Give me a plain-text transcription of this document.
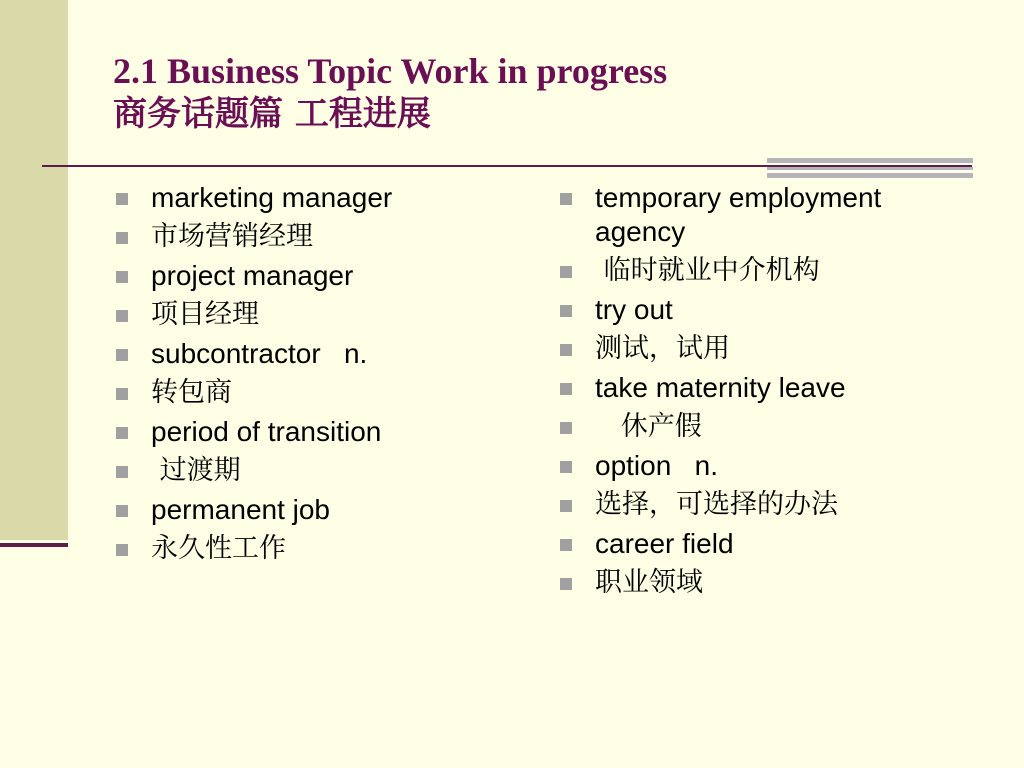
2.1 Business Topic Work in progress
商务话题篇 工程进展
marketing manager
市场营销经理
project manager
项目经理
subcontractor   n.
转包商
period of transition
过渡期
permanent job
永久性工作
temporary employment agency
临时就业中介机构
try out
测试，试用
take maternity leave
休产假
option   n.
选择，可选择的办法
career field
职业领域
